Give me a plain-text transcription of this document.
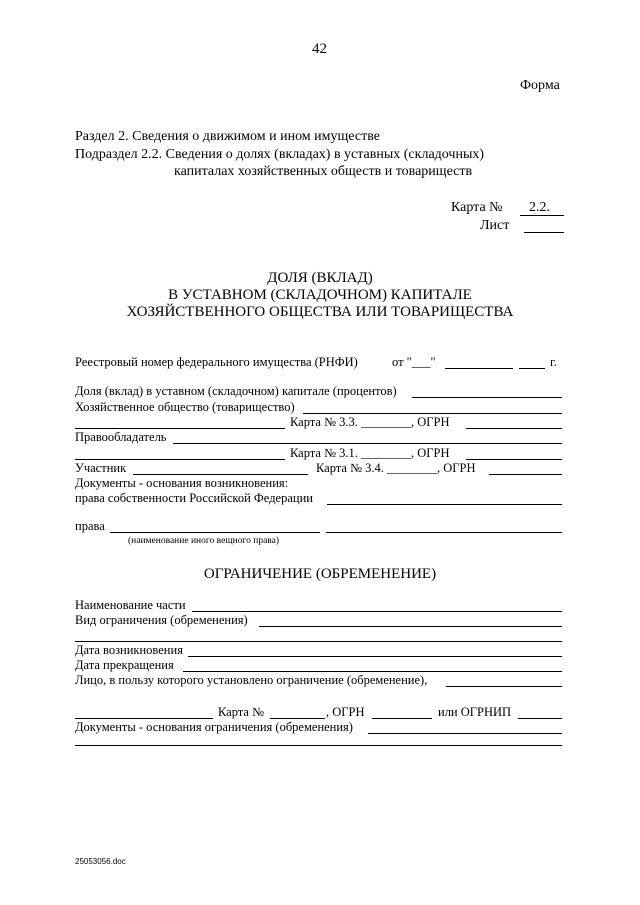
42
Форма
Раздел 2. Сведения о движимом и ином имуществе
Подраздел 2.2. Сведения о долях (вкладах) в уставных (складочных)
капиталах хозяйственных обществ и товариществ
Карта № 2.2.
Лист
ДОЛЯ (ВКЛАД)
В УСТАВНОМ (СКЛАДОЧНОМ) КАПИТАЛЕ
ХОЗЯЙСТВЕННОГО ОБЩЕСТВА ИЛИ ТОВАРИЩЕСТВА
Реестровый номер федерального имущества (РНФИ)	от "___"	г.
Доля (вклад) в уставном (складочном) капитале (процентов)
Хозяйственное общество (товарищество)
Карта № 3.3. ________, ОГРН
Правообладатель
Карта № 3.1. ________, ОГРН
Участник	Карта № 3.4. ________, ОГРН
Документы - основания возникновения:
права собственности Российской Федерации
права
(наименование иного вещного права)
ОГРАНИЧЕНИЕ (ОБРЕМЕНЕНИЕ)
Наименование части
Вид ограничения (обременения)
Дата возникновения
Дата прекращения
Лицо, в пользу которого установлено ограничение (обременение),
Карта №	, ОГРН	или ОГРНИП
Документы - основания ограничения (обременения)
25053056.doc
